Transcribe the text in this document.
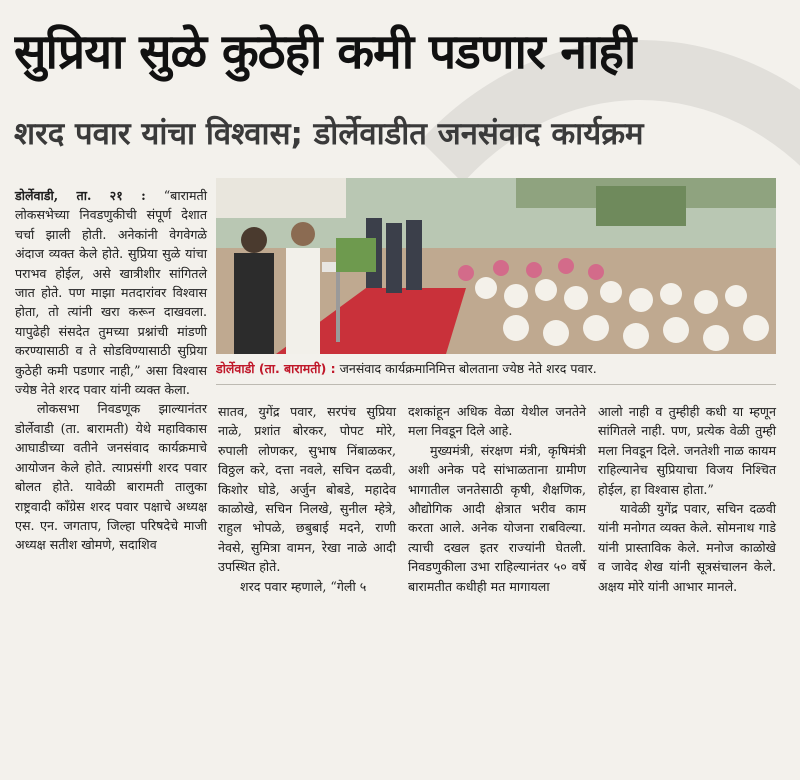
सुप्रिया सुळे कुठेही कमी पडणार नाही
शरद पवार यांचा विश्वास; डोर्लेवाडीत जनसंवाद कार्यक्रम

डोर्लेवाडी, ता. २१ : “बारामती लोकसभेच्या निवडणुकीची संपूर्ण देशात चर्चा झाली होती. अनेकांनी वेगवेगळे अंदाज व्यक्त केले होते. सुप्रिया सुळे यांचा पराभव होईल, असे खात्रीशीर सांगितले जात होते. पण माझा मतदारांवर विश्वास होता, तो त्यांनी खरा करून दाखवला. यापुढेही संसदेत तुमच्या प्रश्नांची मांडणी करण्यासाठी व ते सोडविण्यासाठी सुप्रिया कुठेही कमी पडणार नाही,” असा विश्वास ज्येष्ठ नेते शरद पवार यांनी व्यक्त केला.

लोकसभा निवडणूक झाल्यानंतर डोर्लेवाडी (ता. बारामती) येथे महाविकास आघाडीच्या वतीने जनसंवाद कार्यक्रमाचे आयोजन केले होते. त्याप्रसंगी शरद पवार बोलत होते. यावेळी बारामती तालुका राष्ट्रवादी काँग्रेस शरद पवार पक्षाचे अध्यक्ष एस. एन. जगताप, जिल्हा परिषदेचे माजी अध्यक्ष सतीश खोमणे, सदाशिव

डोर्लेवाडी (ता. बारामती) : जनसंवाद कार्यक्रमानिमित्त बोलताना ज्येष्ठ नेते शरद पवार.

सातव, युगेंद्र पवार, सरपंच सुप्रिया नाळे, प्रशांत बोरकर, पोपट मोरे, रुपाली लोणकर, सुभाष निंबाळकर, विठ्ठल करे, दत्ता नवले, सचिन दळवी, किशोर घोडे, अर्जुन बोबडे, महादेव काळोखे, सचिन निलखे, सुनील म्हेत्रे, राहुल भोपळे, छबुबाई मदने, राणी नेवसे, सुमित्रा वामन, रेखा नाळे आदी उपस्थित होते.

शरद पवार म्हणाले, “गेली ५

दशकांहून अधिक वेळा येथील जनतेने मला निवडून दिले आहे.

मुख्यमंत्री, संरक्षण मंत्री, कृषिमंत्री अशी अनेक पदे सांभाळताना ग्रामीण भागातील जनतेसाठी कृषी, शैक्षणिक, औद्योगिक आदी क्षेत्रात भरीव काम करता आले. अनेक योजना राबविल्या. त्याची दखल इतर राज्यांनी घेतली. निवडणुकीला उभा राहिल्यानंतर ५० वर्षे बारामतीत कधीही मत मागायला

आलो नाही व तुम्हीही कधी या म्हणून सांगितले नाही. पण, प्रत्येक वेळी तुम्ही मला निवडून दिले. जनतेशी नाळ कायम राहिल्यानेच सुप्रियाचा विजय निश्चित होईल, हा विश्वास होता.”

यावेळी युगेंद्र पवार, सचिन दळवी यांनी मनोगत व्यक्त केले. सोमनाथ गाडे यांनी प्रास्ताविक केले. मनोज काळोखे व जावेद शेख यांनी सूत्रसंचालन केले. अक्षय मोरे यांनी आभार मानले.
